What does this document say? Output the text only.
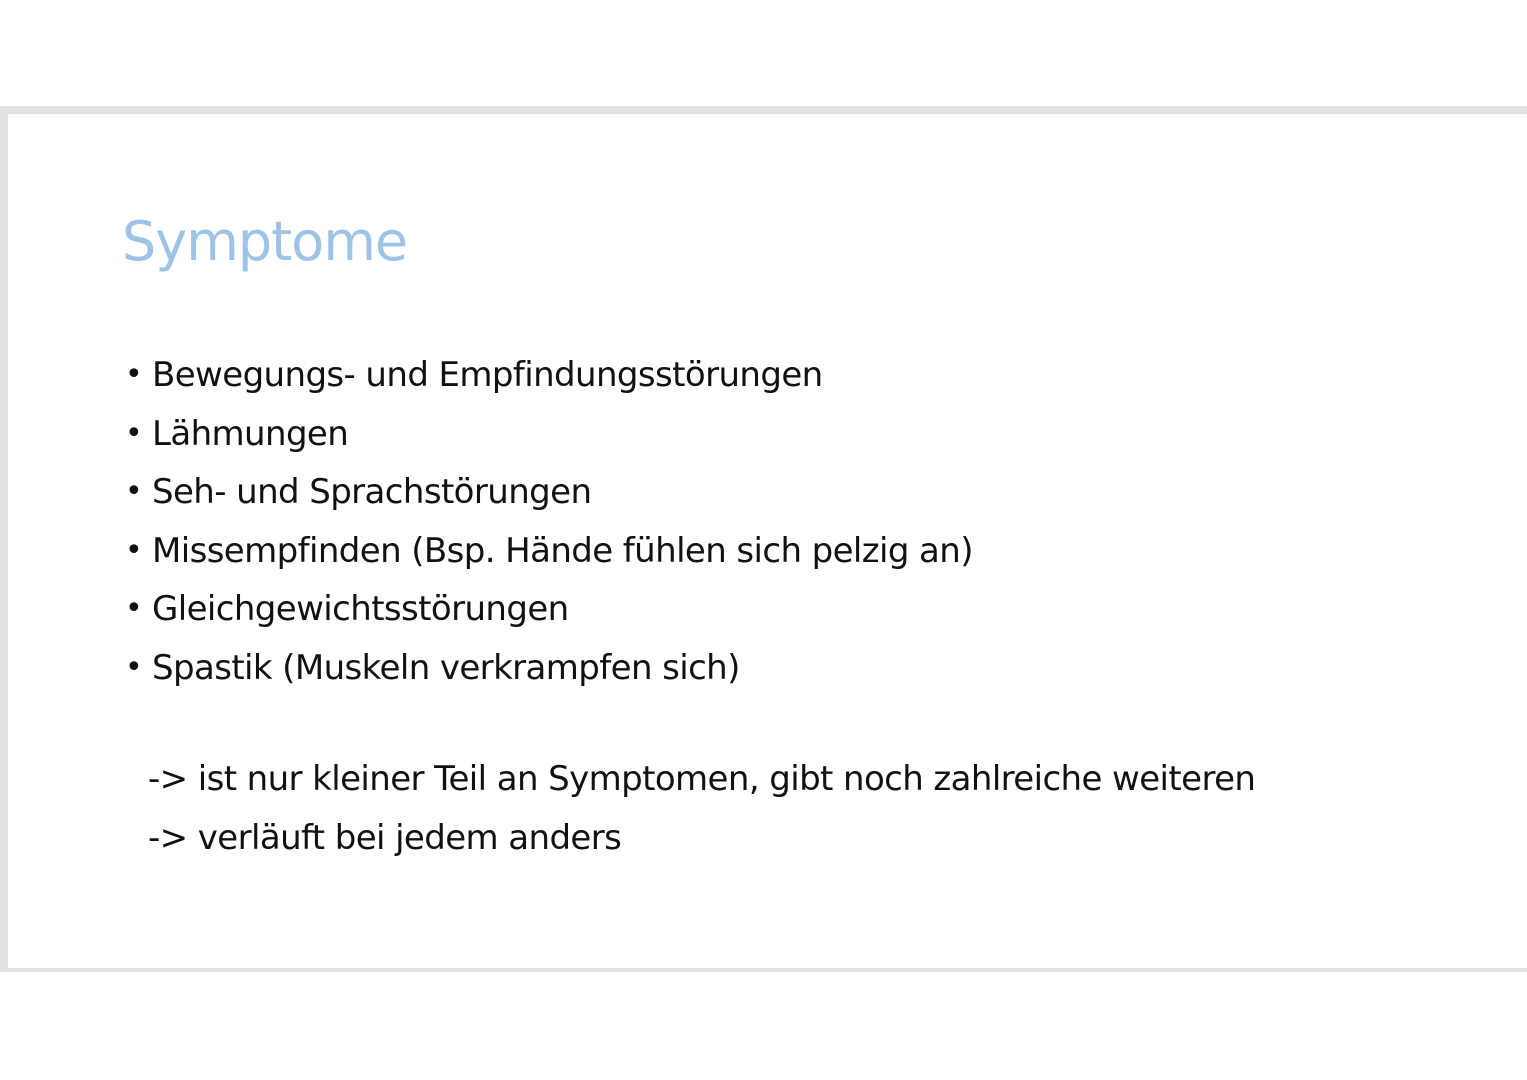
Symptome
• Bewegungs- und Empfindungsstörungen
• Lähmungen
• Seh- und Sprachstörungen
• Missempfinden (Bsp. Hände fühlen sich pelzig an)
• Gleichgewichtsstörungen
• Spastik (Muskeln verkrampfen sich)

-> ist nur kleiner Teil an Symptomen, gibt noch zahlreiche weiteren

-> verläuft bei jedem anders
